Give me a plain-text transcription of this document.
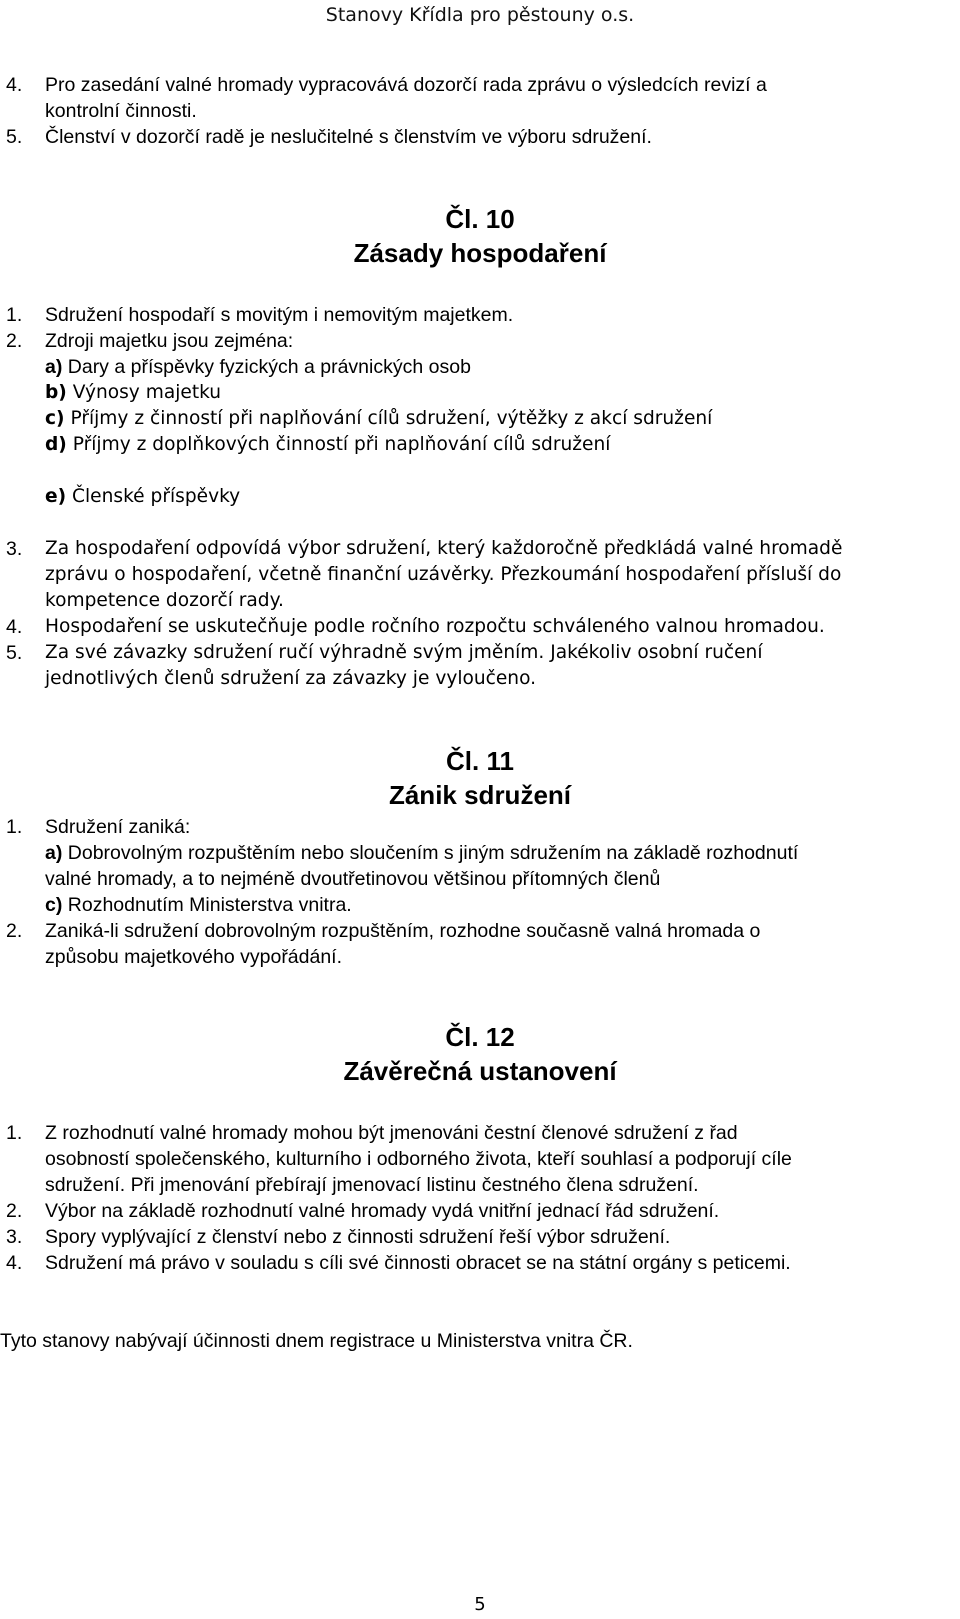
Stanovy Křídla pro pěstouny o.s.
4. Pro zasedání valné hromady vypracovává dozorčí rada zprávu o výsledcích revizí a
kontrolní činnosti.
5. Členství v dozorčí radě je neslučitelné s členstvím ve výboru sdružení.
Čl. 10
Zásady hospodaření
1. Sdružení hospodaří s movitým i nemovitým majetkem.
2. Zdroji majetku jsou zejména:
a) Dary a příspěvky fyzických a právnických osob
b) Výnosy majetku
c) Příjmy z činností při naplňování cílů sdružení, výtěžky z akcí sdružení
d) Příjmy z doplňkových činností při naplňování cílů sdružení
e) Členské příspěvky
3. Za hospodaření odpovídá výbor sdružení, který každoročně předkládá valné hromadě
zprávu o hospodaření, včetně finanční uzávěrky. Přezkoumání hospodaření přísluší do
kompetence dozorčí rady.
4. Hospodaření se uskutečňuje podle ročního rozpočtu schváleného valnou hromadou.
5. Za své závazky sdružení ručí výhradně svým jměním. Jakékoliv osobní ručení
jednotlivých členů sdružení za závazky je vyloučeno.
Čl. 11
Zánik sdružení
1. Sdružení zaniká:
a) Dobrovolným rozpuštěním nebo sloučením s jiným sdružením na základě rozhodnutí
valné hromady, a to nejméně dvoutřetinovou většinou přítomných členů
c) Rozhodnutím Ministerstva vnitra.
2. Zaniká-li sdružení dobrovolným rozpuštěním, rozhodne současně valná hromada o
způsobu majetkového vypořádání.
Čl. 12
Závěrečná ustanovení
1. Z rozhodnutí valné hromady mohou být jmenováni čestní členové sdružení z řad
osobností společenského, kulturního i odborného života, kteří souhlasí a podporují cíle
sdružení. Při jmenování přebírají jmenovací listinu čestného člena sdružení.
2. Výbor na základě rozhodnutí valné hromady vydá vnitřní jednací řád sdružení.
3. Spory vyplývající z členství nebo z činnosti sdružení řeší výbor sdružení.
4. Sdružení má právo v souladu s cíli své činnosti obracet se na státní orgány s peticemi.
Tyto stanovy nabývají účinnosti dnem registrace u Ministerstva vnitra ČR.
5
